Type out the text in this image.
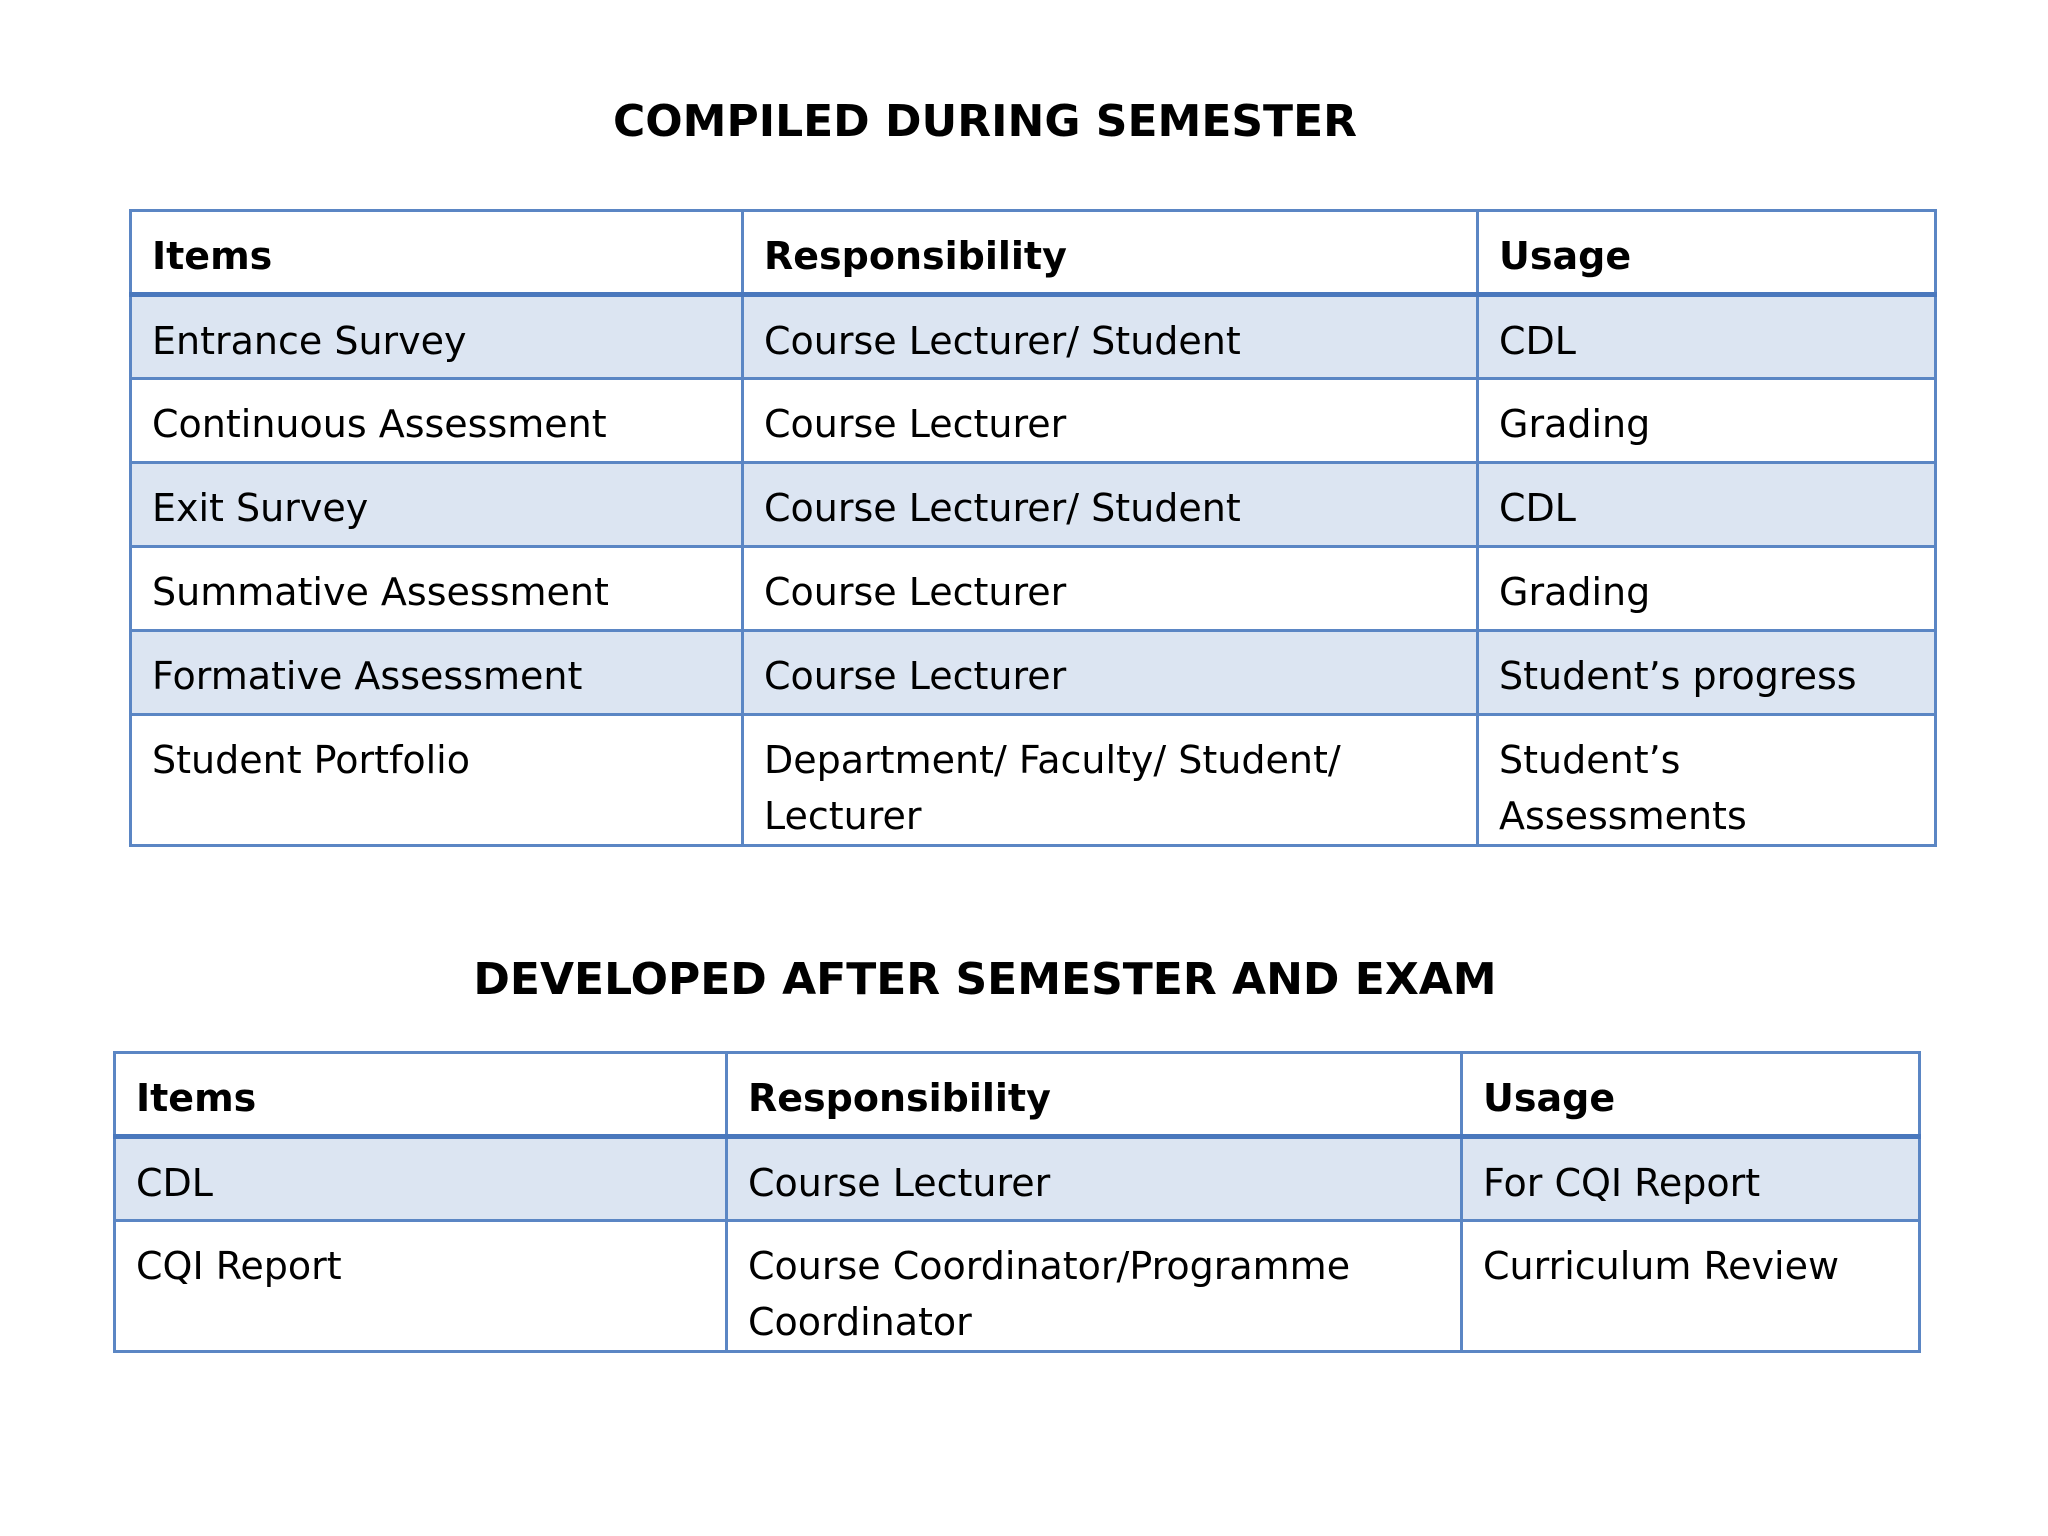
COMPILED DURING SEMESTER
Items	Responsibility	Usage
Entrance Survey	Course Lecturer/ Student	CDL
Continuous Assessment	Course Lecturer	Grading
Exit Survey	Course Lecturer/ Student	CDL
Summative Assessment	Course Lecturer	Grading
Formative Assessment	Course Lecturer	Student’s progress
Student Portfolio	Department/ Faculty/ Student/ Lecturer	Student’s Assessments
DEVELOPED AFTER SEMESTER AND EXAM
Items	Responsibility	Usage
CDL	Course Lecturer	For CQI Report
CQI Report	Course Coordinator/Programme Coordinator	Curriculum Review
